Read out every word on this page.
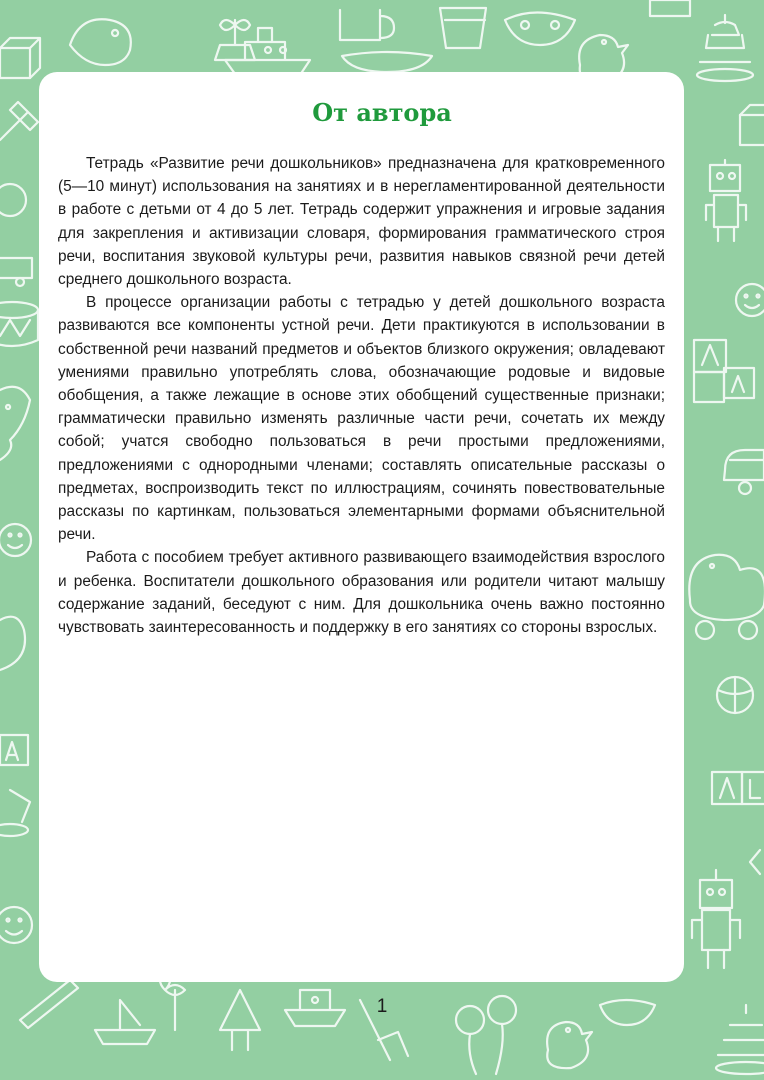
От автора

Тетрадь «Развитие речи дошкольников» предназначена для кратковременного (5—10 минут) использования на занятиях и в нерегламентированной деятельности в работе с детьми от 4 до 5 лет. Тетрадь содержит упражнения и игровые задания для закрепления и активизации словаря, формирования грамматического строя речи, воспитания звуковой культуры речи, развития навыков связной речи детей среднего дошкольного возраста.

В процессе организации работы с тетрадью у детей дошкольного возраста развиваются все компоненты устной речи. Дети практикуются в использовании в собственной речи названий предметов и объектов близкого окружения; овладевают умениями правильно употреблять слова, обозначающие родовые и видовые обобщения, а также лежащие в основе этих обобщений существенные признаки; грамматически правильно изменять различные части речи, сочетать их между собой; учатся свободно пользоваться в речи простыми предложениями, предложениями с однородными членами; составлять описательные рассказы о предметах, воспроизводить текст по иллюстрациям, сочинять повествовательные рассказы по картинкам, пользоваться элементарными формами объяснительной речи.

Работа с пособием требует активного развивающего взаимодействия взрослого и ребенка. Воспитатели дошкольного образования или родители читают малышу содержание заданий, беседуют с ним. Для дошкольника очень важно постоянно чувствовать заинтересованность и поддержку в его занятиях со стороны взрослых.

1
